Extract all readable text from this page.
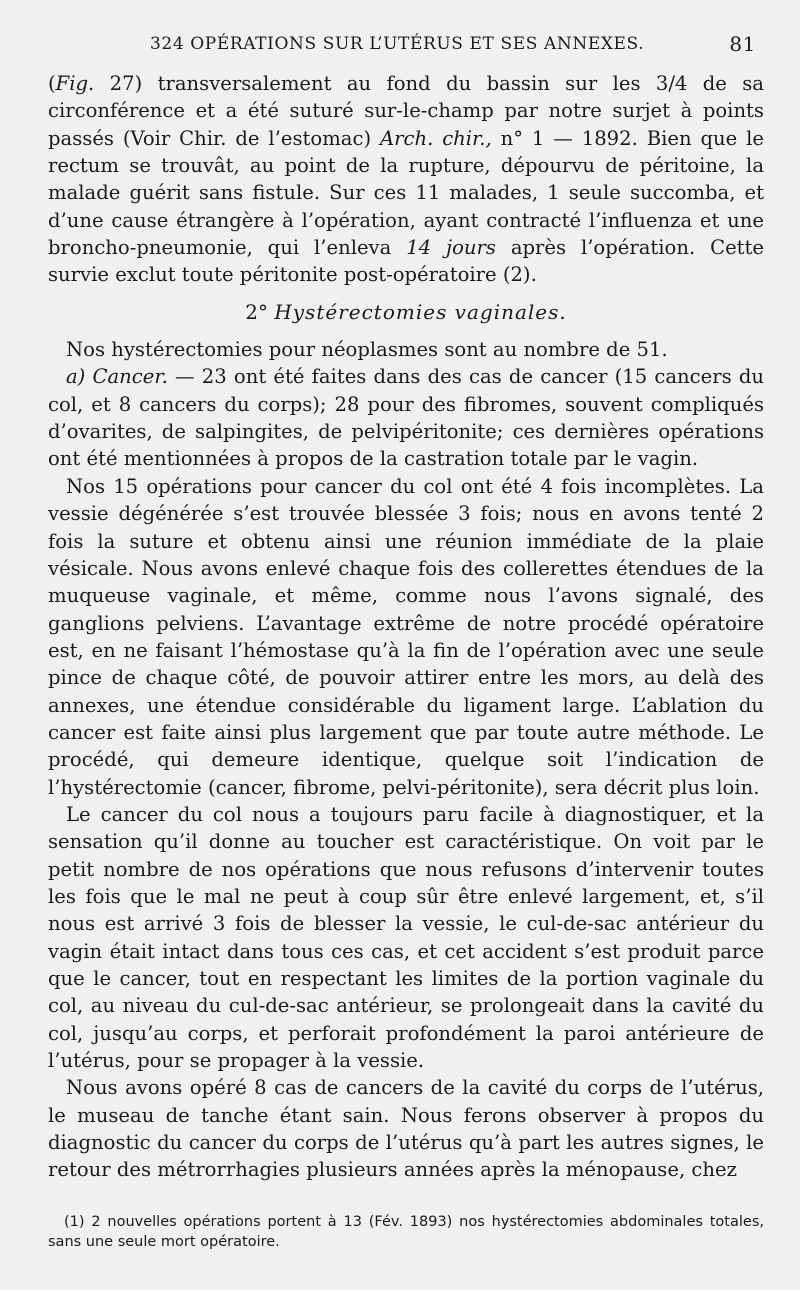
324 OPÉRATIONS SUR L’UTÉRUS ET SES ANNEXES.	81

(Fig. 27) transversalement au fond du bassin sur les 3/4 de sa circonférence et a été suturé sur-le-champ par notre surjet à points passés (Voir Chir. de l’estomac) Arch. chir., n° 1 — 1892. Bien que le rectum se trouvât, au point de la rupture, dépourvu de péritoine, la malade guérit sans fistule. Sur ces 11 malades, 1 seule succomba, et d’une cause étrangère à l’opération, ayant contracté l’influenza et une broncho-pneumonie, qui l’enleva 14 jours après l’opération. Cette survie exclut toute péritonite post-opératoire (2).

2° Hystérectomies vaginales.

Nos hystérectomies pour néoplasmes sont au nombre de 51.

a) Cancer. — 23 ont été faites dans des cas de cancer (15 cancers du col, et 8 cancers du corps); 28 pour des fibromes, souvent compliqués d’ovarites, de salpingites, de pelvipéritonite; ces dernières opérations ont été mentionnées à propos de la castration totale par le vagin.

Nos 15 opérations pour cancer du col ont été 4 fois incomplètes. La vessie dégénérée s’est trouvée blessée 3 fois; nous en avons tenté 2 fois la suture et obtenu ainsi une réunion immédiate de la plaie vésicale. Nous avons enlevé chaque fois des collerettes étendues de la muqueuse vaginale, et même, comme nous l’avons signalé, des ganglions pelviens. L’avantage extrême de notre procédé opératoire est, en ne faisant l’hémostase qu’à la fin de l’opération avec une seule pince de chaque côté, de pouvoir attirer entre les mors, au delà des annexes, une étendue considérable du ligament large. L’ablation du cancer est faite ainsi plus largement que par toute autre méthode. Le procédé, qui demeure identique, quelque soit l’indication de l’hystérectomie (cancer, fibrome, pelvi-péritonite), sera décrit plus loin.

Le cancer du col nous a toujours paru facile à diagnostiquer, et la sensation qu’il donne au toucher est caractéristique. On voit par le petit nombre de nos opérations que nous refusons d’intervenir toutes les fois que le mal ne peut à coup sûr être enlevé largement, et, s’il nous est arrivé 3 fois de blesser la vessie, le cul-de-sac antérieur du vagin était intact dans tous ces cas, et cet accident s’est produit parce que le cancer, tout en respectant les limites de la portion vaginale du col, au niveau du cul-de-sac antérieur, se prolongeait dans la cavité du col, jusqu’au corps, et perforait profondément la paroi antérieure de l’utérus, pour se propager à la vessie.

Nous avons opéré 8 cas de cancers de la cavité du corps de l’utérus, le museau de tanche étant sain. Nous ferons observer à propos du diagnostic du cancer du corps de l’utérus qu’à part les autres signes, le retour des métrorrhagies plusieurs années après la ménopause, chez

(1) 2 nouvelles opérations portent à 13 (Fév. 1893) nos hystérectomies abdominales totales, sans une seule mort opératoire.
